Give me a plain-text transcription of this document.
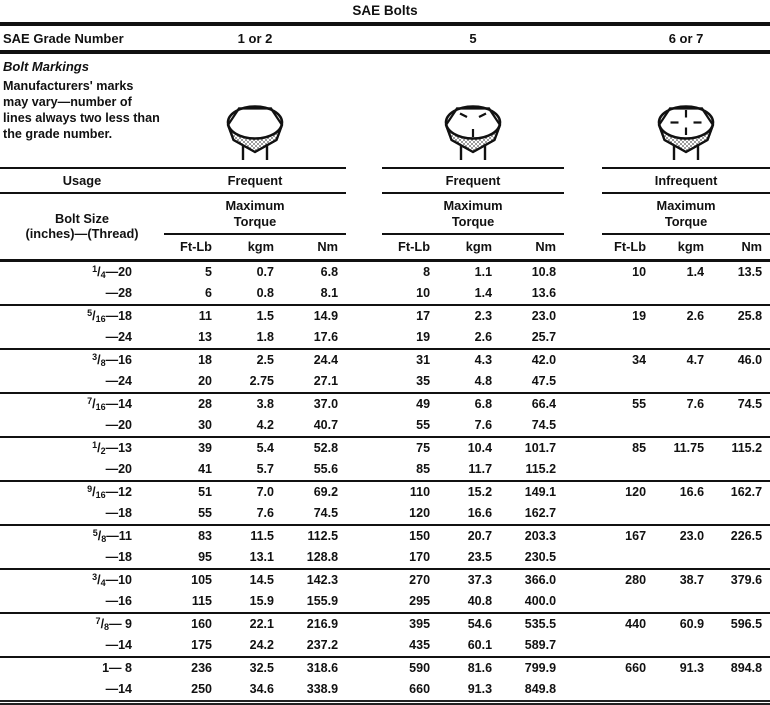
SAE Bolts
SAE Grade Number		1 or 2				5				6 or 7		
Bolt Markings												
Manufacturers' marks may vary—number of lines always two less than the grade number.					
Usage		Frequent				Frequent				Infrequent		

Bolt Size
(inches)—(Thread)

Maximum
Torque

Maximum
Torque

Maximum
Torque

		Ft-Lb	kgm	Nm		Ft-Lb	kgm	Nm		Ft-Lb	kgm	Nm
$^1/_4—20$		5	0.7	6.8		8	1.1	10.8		10	1.4	13.5
—28		6	0.8	8.1		10	1.4	13.6				
$^5/_{16}—18$		11	1.5	14.9		17	2.3	23.0		19	2.6	25.8
—24		13	1.8	17.6		19	2.6	25.7				
$^3/_8—16$		18	2.5	24.4		31	4.3	42.0		34	4.7	46.0
—24		20	2.75	27.1		35	4.8	47.5				
$^7/_{16}—14$		28	3.8	37.0		49	6.8	66.4		55	7.6	74.5
—20		30	4.2	40.7		55	7.6	74.5				
$^1/_2—13$		39	5.4	52.8		75	10.4	101.7		85	11.75	115.2
—20		41	5.7	55.6		85	11.7	115.2				
$^9/_{16}—12$		51	7.0	69.2		110	15.2	149.1		120	16.6	162.7
—18		55	7.6	74.5		120	16.6	162.7				
$^5/_8—11$		83	11.5	112.5		150	20.7	203.3		167	23.0	226.5
—18		95	13.1	128.8		170	23.5	230.5				
$^3/_4—10$		105	14.5	142.3		270	37.3	366.0		280	38.7	379.6
—16		115	15.9	155.9		295	40.8	400.0				
$^7/_8—$ 9		160	22.1	216.9		395	54.6	535.5		440	60.9	596.5
—14		175	24.2	237.2		435	60.1	589.7				
1— 8		236	32.5	318.6		590	81.6	799.9		660	91.3	894.8
—14		250	34.6	338.9		660	91.3	849.8				
